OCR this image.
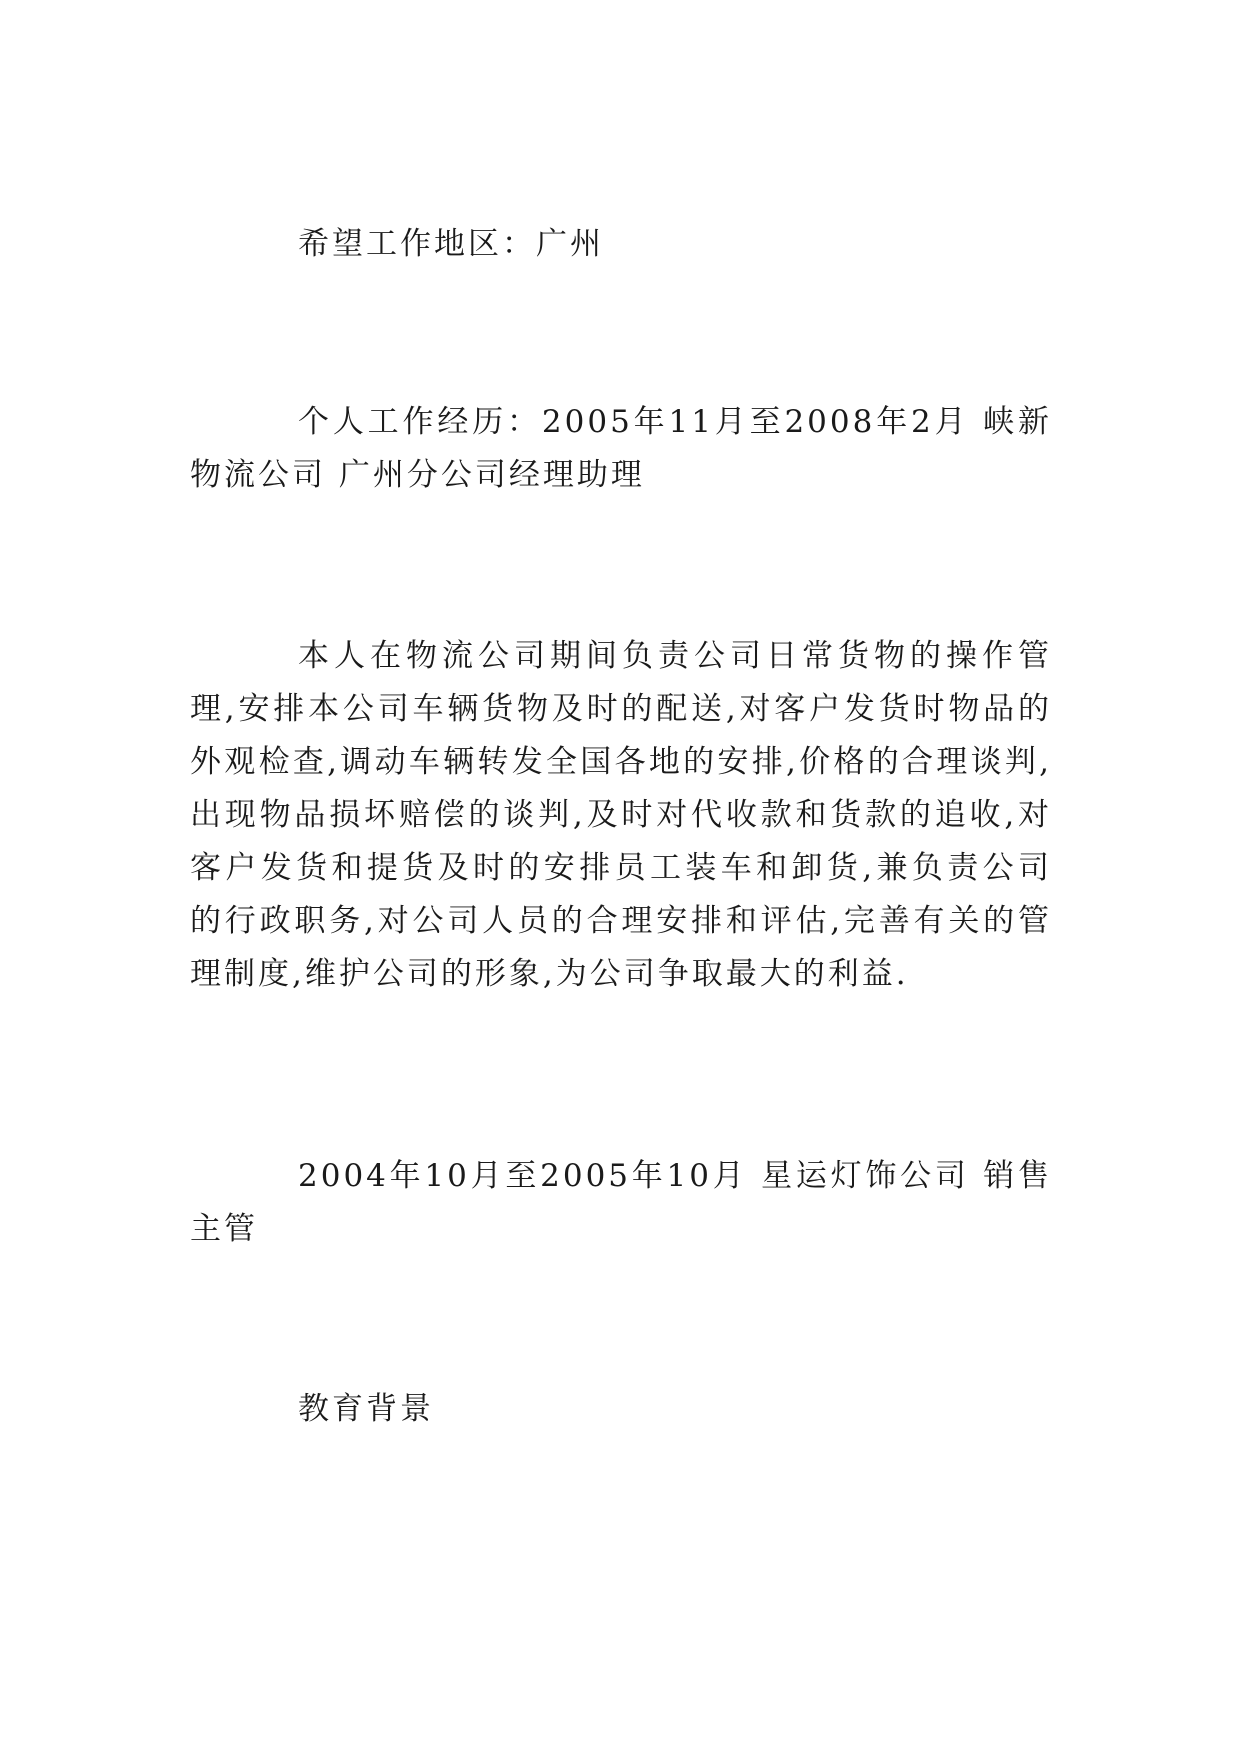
希望工作地区：广州

个人工作经历：2005年11月至2008年2月 峡新物流公司 广州分公司经理助理

本人在物流公司期间负责公司日常货物的操作管理,安排本公司车辆货物及时的配送,对客户发货时物品的外观检查,调动车辆转发全国各地的安排,价格的合理谈判,出现物品损坏赔偿的谈判,及时对代收款和货款的追收,对客户发货和提货及时的安排员工装车和卸货,兼负责公司的行政职务,对公司人员的合理安排和评估,完善有关的管理制度,维护公司的形象,为公司争取最大的利益.

2004年10月至2005年10月 星运灯饰公司 销售主管

教育背景
